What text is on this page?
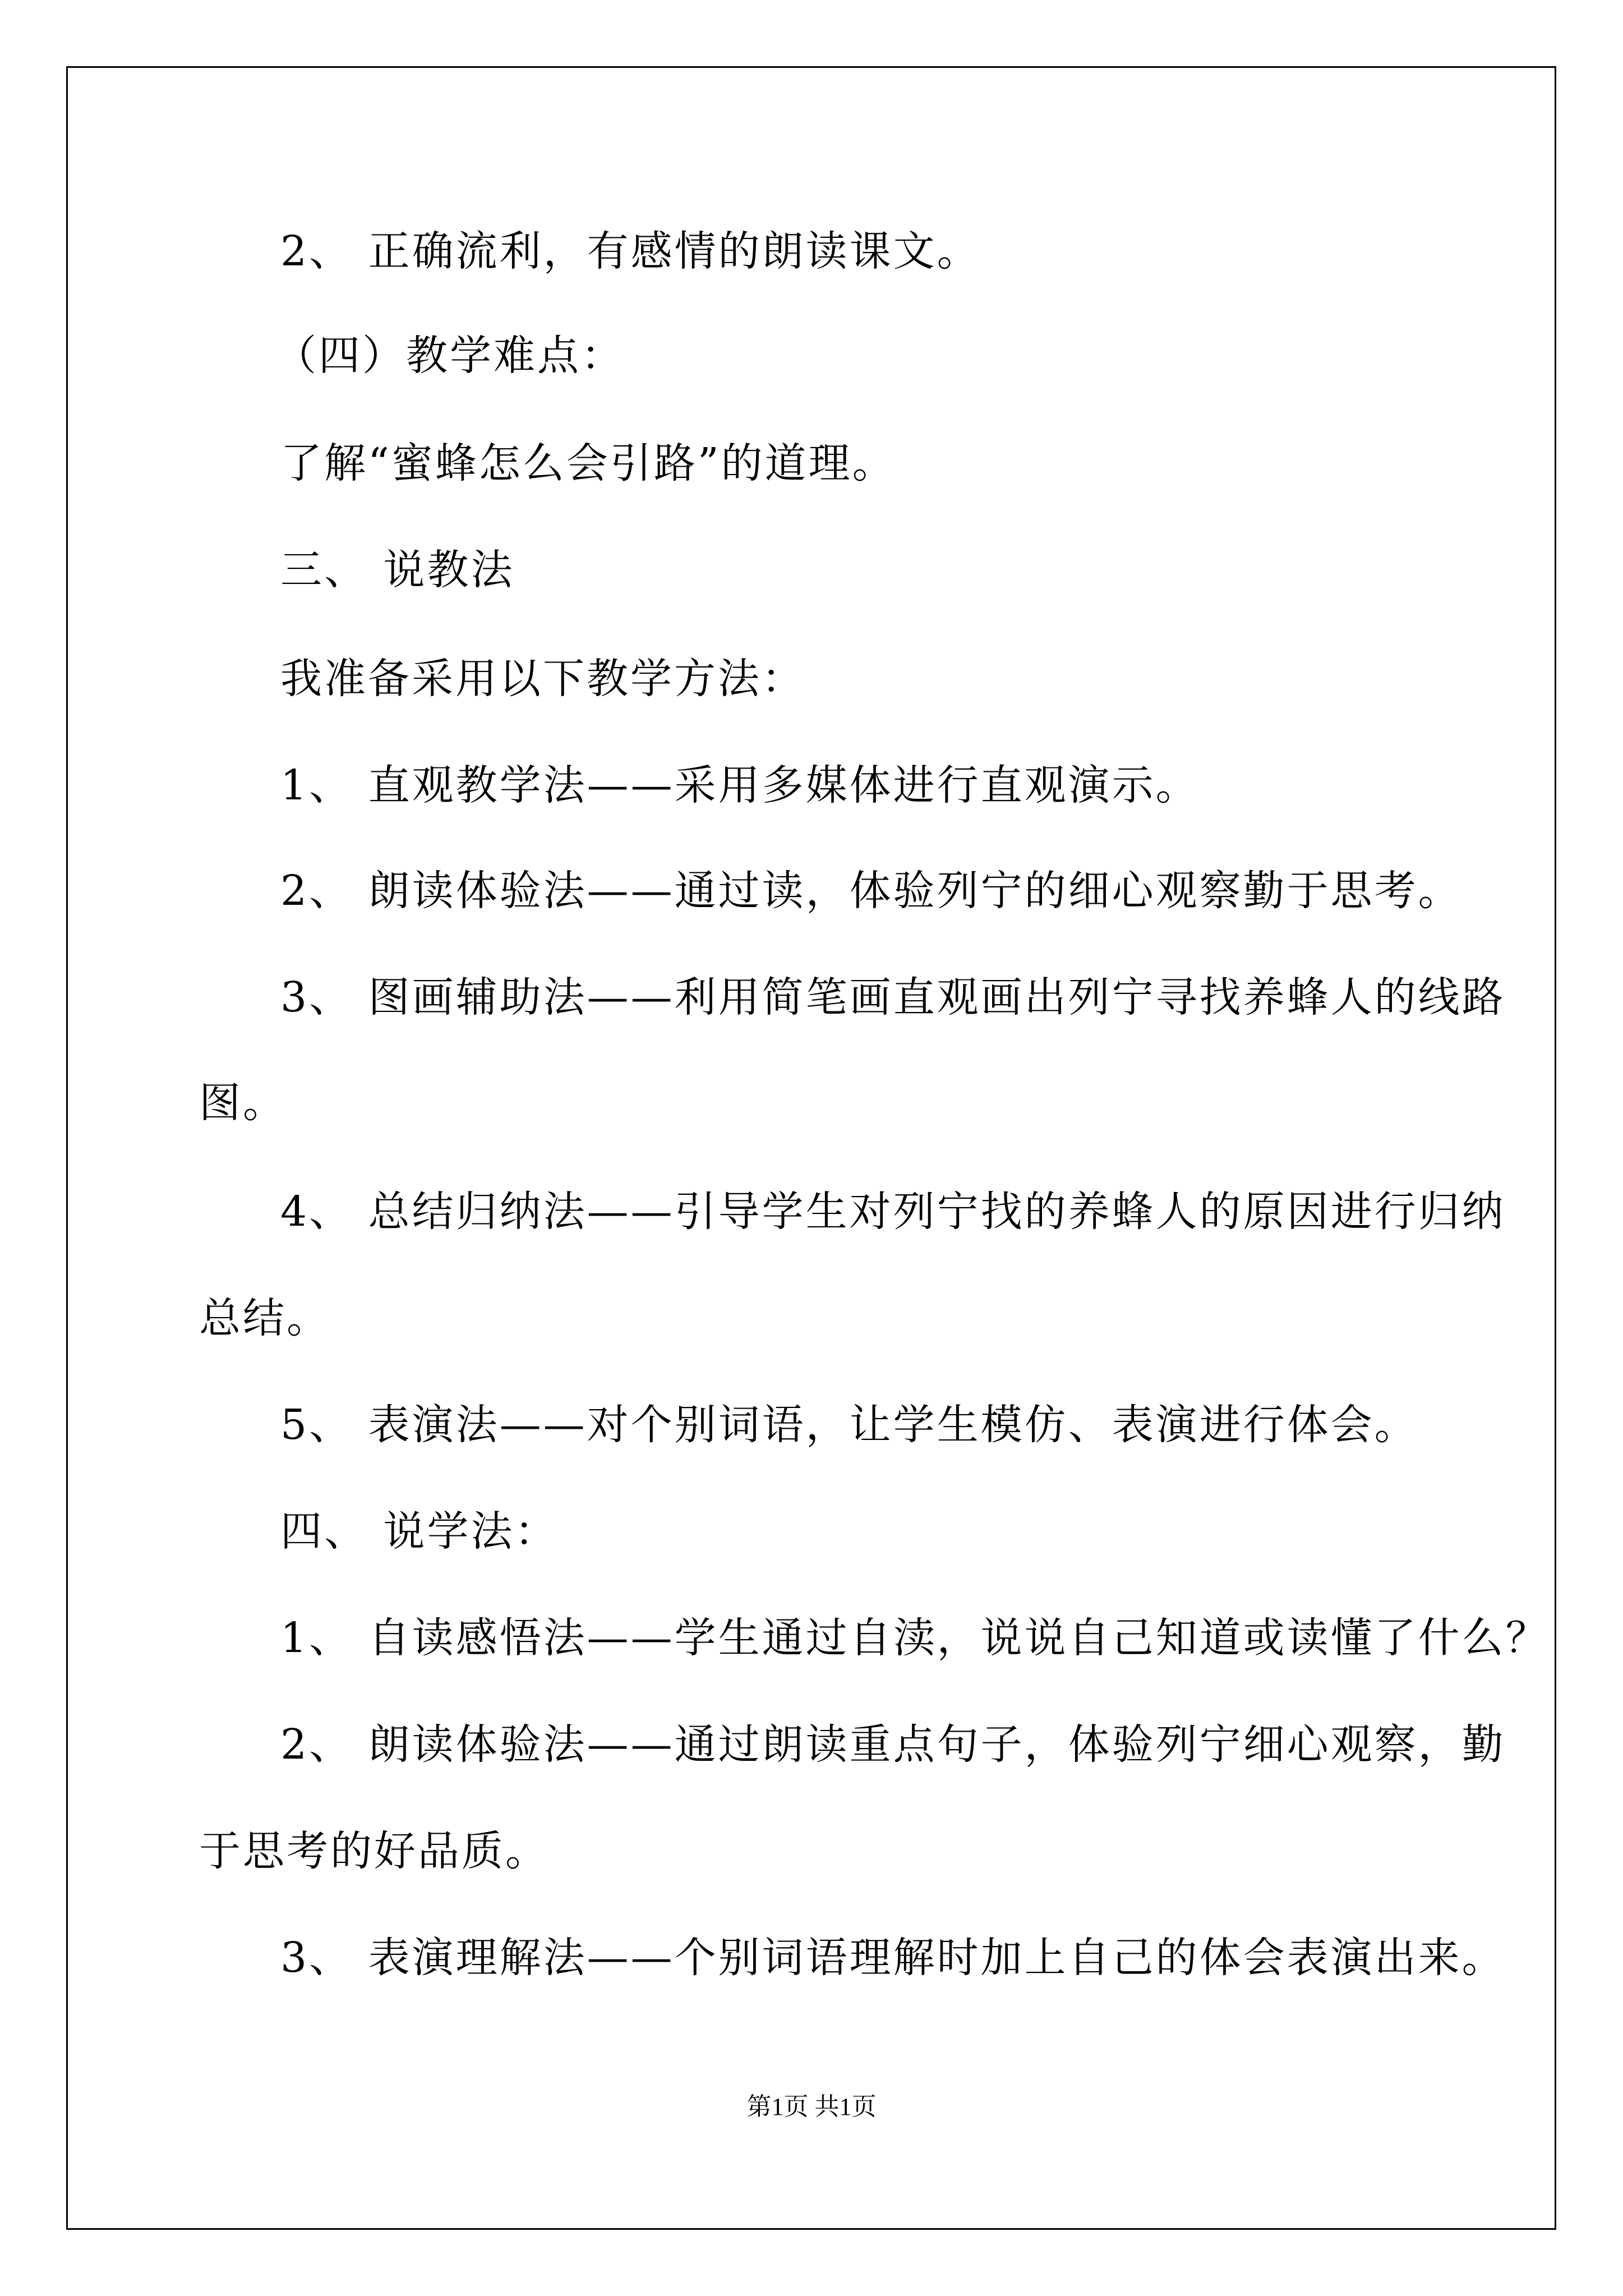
2、 正确流利，有感情的朗读课文。
（四）教学难点：
了解“蜜蜂怎么会引路”的道理。
三、 说教法
我准备采用以下教学方法：
1、 直观教学法——采用多媒体进行直观演示。
2、 朗读体验法——通过读，体验列宁的细心观察勤于思考。
3、 图画辅助法——利用简笔画直观画出列宁寻找养蜂人的线路
图。
4、 总结归纳法——引导学生对列宁找的养蜂人的原因进行归纳
总结。
5、 表演法——对个别词语，让学生模仿、表演进行体会。
四、 说学法：
1、 自读感悟法——学生通过自渎，说说自己知道或读懂了什么？
2、 朗读体验法——通过朗读重点句子，体验列宁细心观察，勤
于思考的好品质。
3、 表演理解法——个别词语理解时加上自己的体会表演出来。
第1页 共1页
